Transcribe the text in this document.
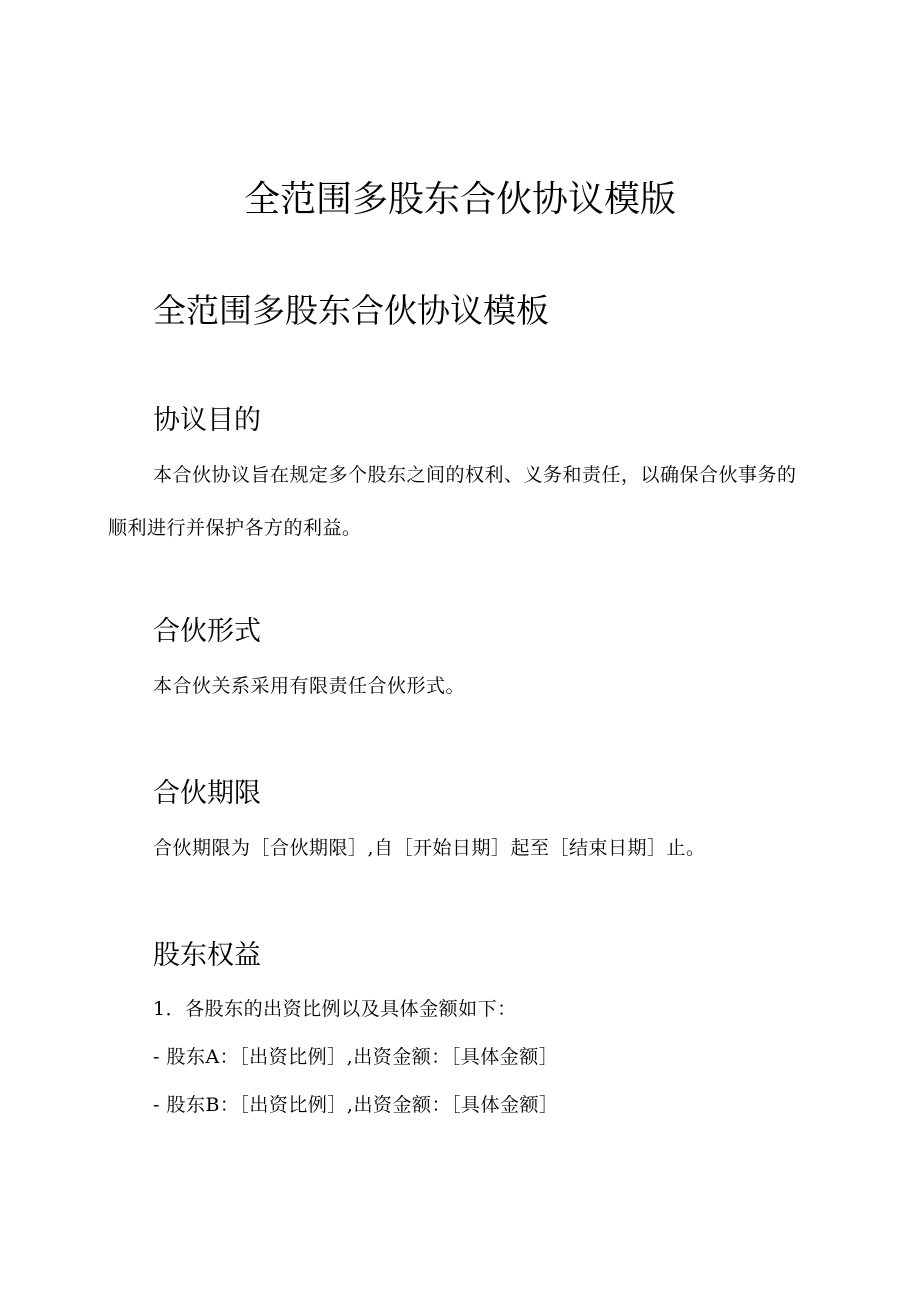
全范围多股东合伙协议模版
全范围多股东合伙协议模板
协议目的

本合伙协议旨在规定多个股东之间的权利、义务和责任，以确保合伙事务的顺利进行并保护各方的利益。

合伙形式

本合伙关系采用有限责任合伙形式。

合伙期限

合伙期限为［合伙期限］,自［开始日期］起至［结束日期］止。

股东权益

1．各股东的出资比例以及具体金额如下：

- 股东A：［出资比例］,出资金额：［具体金额］

- 股东B：［出资比例］,出资金额：［具体金额］
